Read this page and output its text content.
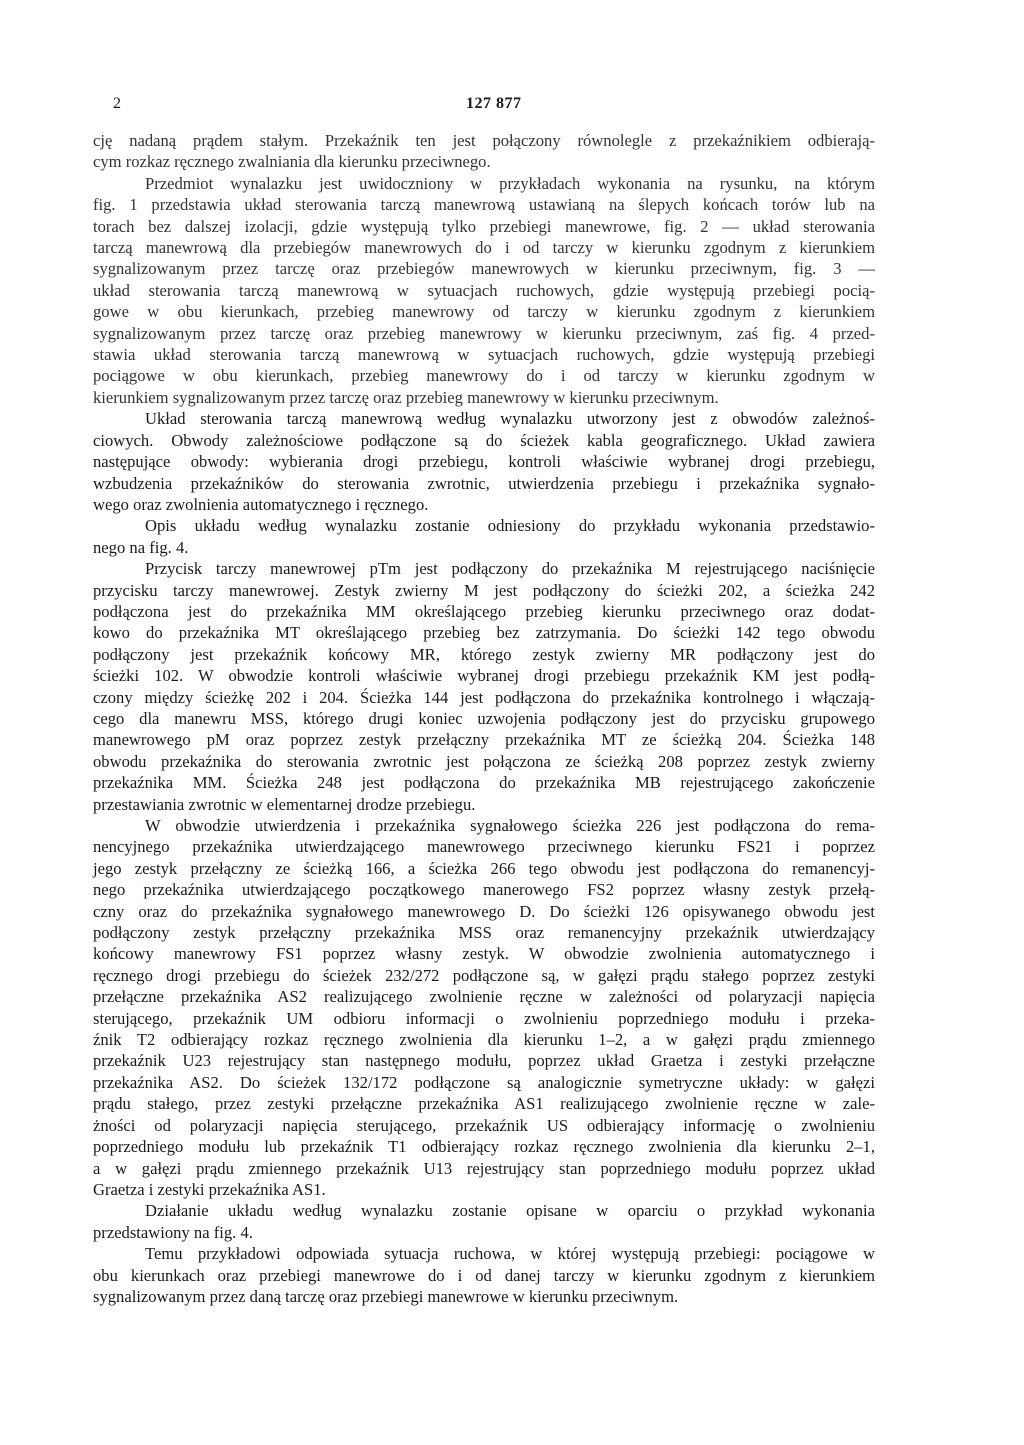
2	127 877
cję nadaną prądem stałym. Przekaźnik ten jest połączony równolegle z przekaźnikiem odbierają-
cym rozkaz ręcznego zwalniania dla kierunku przeciwnego.
Przedmiot wynalazku jest uwidoczniony w przykładach wykonania na rysunku, na którym
fig. 1 przedstawia układ sterowania tarczą manewrową ustawianą na ślepych końcach torów lub na
torach bez dalszej izolacji, gdzie występują tylko przebiegi manewrowe, fig. 2 — układ sterowania
tarczą manewrową dla przebiegów manewrowych do i od tarczy w kierunku zgodnym z kierunkiem
sygnalizowanym przez tarczę oraz przebiegów manewrowych w kierunku przeciwnym, fig. 3 —
układ sterowania tarczą manewrową w sytuacjach ruchowych, gdzie występują przebiegi pocią-
gowe w obu kierunkach, przebieg manewrowy od tarczy w kierunku zgodnym z kierunkiem
sygnalizowanym przez tarczę oraz przebieg manewrowy w kierunku przeciwnym, zaś fig. 4 przed-
stawia układ sterowania tarczą manewrową w sytuacjach ruchowych, gdzie występują przebiegi
pociągowe w obu kierunkach, przebieg manewrowy do i od tarczy w kierunku zgodnym w
kierunkiem sygnalizowanym przez tarczę oraz przebieg manewrowy w kierunku przeciwnym.
Układ sterowania tarczą manewrową według wynalazku utworzony jest z obwodów zależnoś-
ciowych. Obwody zależnościowe podłączone są do ścieżek kabla geograficznego. Układ zawiera
następujące obwody: wybierania drogi przebiegu, kontroli właściwie wybranej drogi przebiegu,
wzbudzenia przekaźników do sterowania zwrotnic, utwierdzenia przebiegu i przekaźnika sygnało-
wego oraz zwolnienia automatycznego i ręcznego.
Opis układu według wynalazku zostanie odniesiony do przykładu wykonania przedstawio-
nego na fig. 4.
Przycisk tarczy manewrowej pTm jest podłączony do przekaźnika M rejestrującego naciśnięcie
przycisku tarczy manewrowej. Zestyk zwierny M jest podłączony do ścieżki 202, a ścieżka 242
podłączona jest do przekaźnika MM określającego przebieg kierunku przeciwnego oraz dodat-
kowo do przekaźnika MT określającego przebieg bez zatrzymania. Do ścieżki 142 tego obwodu
podłączony jest przekaźnik końcowy MR, którego zestyk zwierny MR podłączony jest do
ścieżki 102. W obwodzie kontroli właściwie wybranej drogi przebiegu przekaźnik KM jest podłą-
czony między ścieżkę 202 i 204. Ścieżka 144 jest podłączona do przekaźnika kontrolnego i włączają-
cego dla manewru MSS, którego drugi koniec uzwojenia podłączony jest do przycisku grupowego
manewrowego pM oraz poprzez zestyk przełączny przekaźnika MT ze ścieżką 204. Ścieżka 148
obwodu przekaźnika do sterowania zwrotnic jest połączona ze ścieżką 208 poprzez zestyk zwierny
przekaźnika MM. Ścieżka 248 jest podłączona do przekaźnika MB rejestrującego zakończenie
przestawiania zwrotnic w elementarnej drodze przebiegu.
W obwodzie utwierdzenia i przekaźnika sygnałowego ścieżka 226 jest podłączona do rema-
nencyjnego przekaźnika utwierdzającego manewrowego przeciwnego kierunku FS21 i poprzez
jego zestyk przełączny ze ścieżką 166, a ścieżka 266 tego obwodu jest podłączona do remanencyj-
nego przekaźnika utwierdzającego początkowego manerowego FS2 poprzez własny zestyk przełą-
czny oraz do przekaźnika sygnałowego manewrowego D. Do ścieżki 126 opisywanego obwodu jest
podłączony zestyk przełączny przekaźnika MSS oraz remanencyjny przekaźnik utwierdzający
końcowy manewrowy FS1 poprzez własny zestyk. W obwodzie zwolnienia automatycznego i
ręcznego drogi przebiegu do ścieżek 232/272 podłączone są, w gałęzi prądu stałego poprzez zestyki
przełączne przekaźnika AS2 realizującego zwolnienie ręczne w zależności od polaryzacji napięcia
sterującego, przekaźnik UM odbioru informacji o zwolnieniu poprzedniego modułu i przeka-
źnik T2 odbierający rozkaz ręcznego zwolnienia dla kierunku 1–2, a w gałęzi prądu zmiennego
przekaźnik U23 rejestrujący stan następnego modułu, poprzez układ Graetza i zestyki przełączne
przekaźnika AS2. Do ścieżek 132/172 podłączone są analogicznie symetryczne układy: w gałęzi
prądu stałego, przez zestyki przełączne przekaźnika AS1 realizującego zwolnienie ręczne w zale-
żności od polaryzacji napięcia sterującego, przekaźnik US odbierający informację o zwolnieniu
poprzedniego modułu lub przekaźnik T1 odbierający rozkaz ręcznego zwolnienia dla kierunku 2–1,
a w gałęzi prądu zmiennego przekaźnik U13 rejestrujący stan poprzedniego modułu poprzez układ
Graetza i zestyki przekaźnika AS1.
Działanie układu według wynalazku zostanie opisane w oparciu o przykład wykonania
przedstawiony na fig. 4.
Temu przykładowi odpowiada sytuacja ruchowa, w której występują przebiegi: pociągowe w
obu kierunkach oraz przebiegi manewrowe do i od danej tarczy w kierunku zgodnym z kierunkiem
sygnalizowanym przez daną tarczę oraz przebiegi manewrowe w kierunku przeciwnym.
